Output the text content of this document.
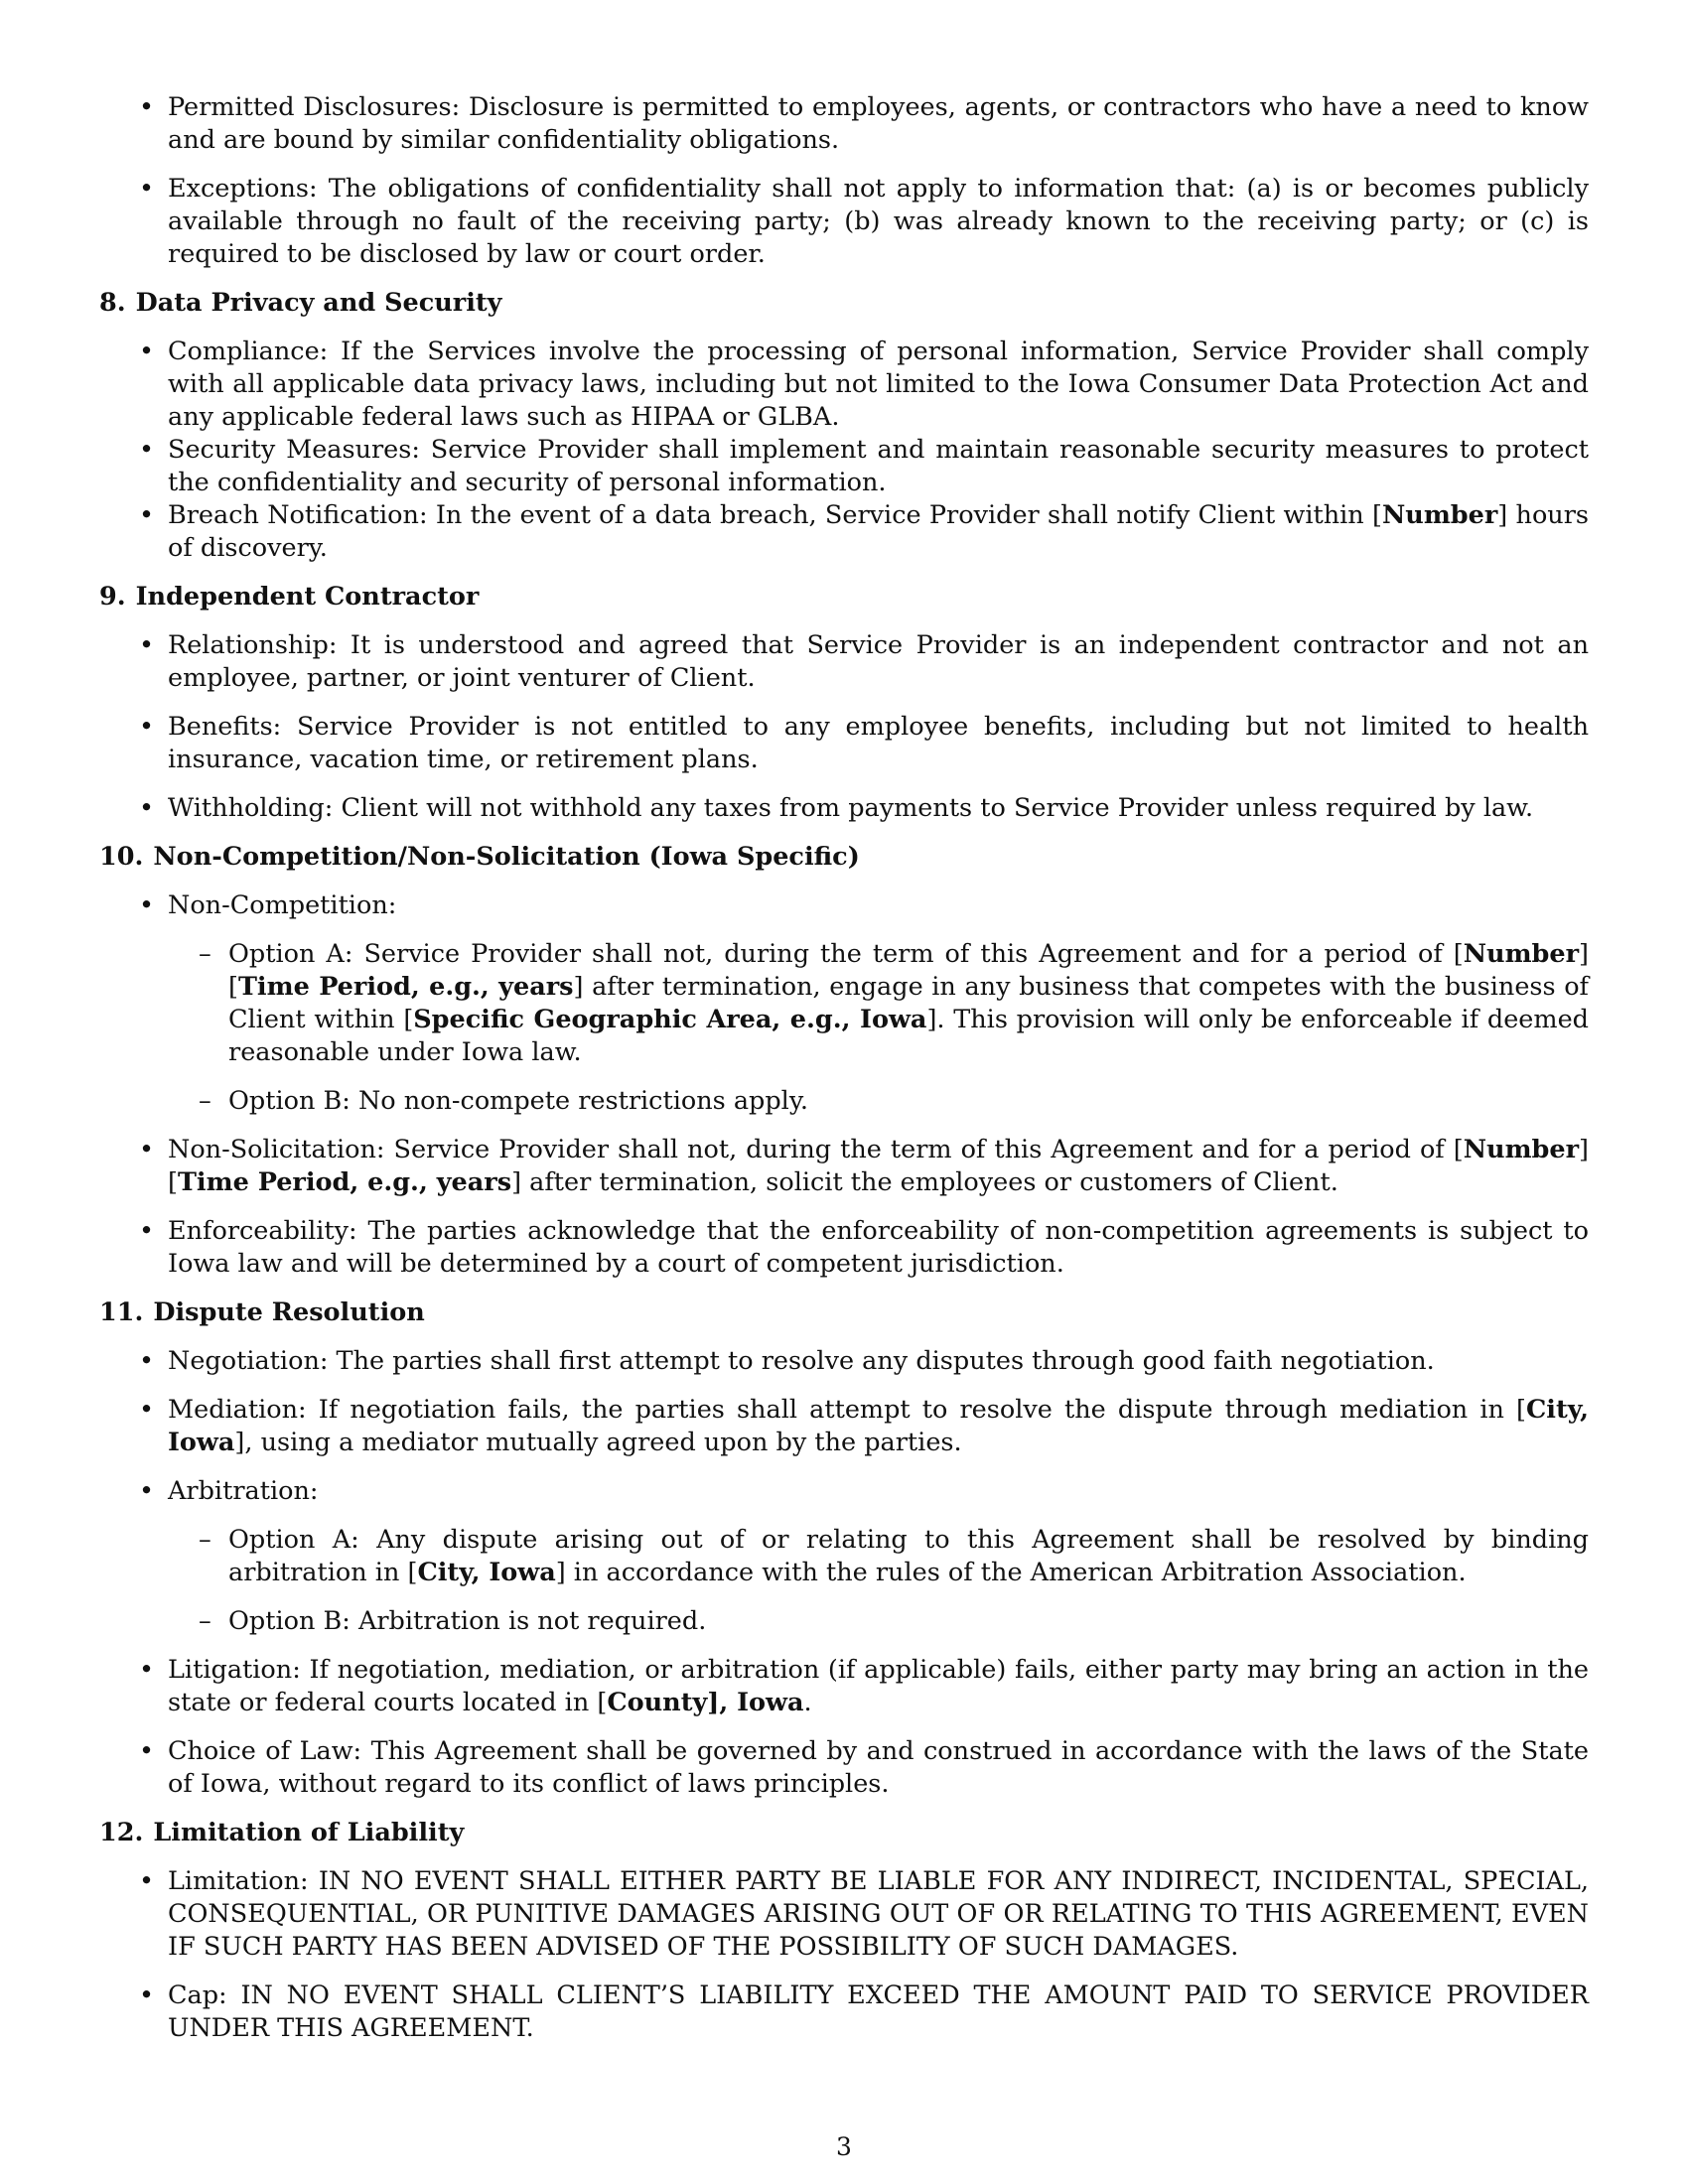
• Permitted Disclosures: Disclosure is permitted to employees, agents, or contractors who have a need to know and are bound by similar confidentiality obligations.
• Exceptions: The obligations of confidentiality shall not apply to information that: (a) is or becomes publicly available through no fault of the receiving party; (b) was already known to the receiving party; or (c) is required to be disclosed by law or court order.
8. Data Privacy and Security
• Compliance: If the Services involve the processing of personal information, Service Provider shall comply with all applicable data privacy laws, including but not limited to the Iowa Consumer Data Protection Act and any applicable federal laws such as HIPAA or GLBA.
• Security Measures: Service Provider shall implement and maintain reasonable security measures to protect the confidentiality and security of personal information.
• Breach Notification: In the event of a data breach, Service Provider shall notify Client within [Number] hours of discovery.
9. Independent Contractor
• Relationship: It is understood and agreed that Service Provider is an independent contractor and not an employee, partner, or joint venturer of Client.
• Benefits: Service Provider is not entitled to any employee benefits, including but not limited to health insurance, vacation time, or retirement plans.
• Withholding: Client will not withhold any taxes from payments to Service Provider unless required by law.
10. Non-Competition/Non-Solicitation (Iowa Specific)
• Non-Competition:
– Option A: Service Provider shall not, during the term of this Agreement and for a period of [Number] [Time Period, e.g., years] after termination, engage in any business that competes with the business of Client within [Specific Geographic Area, e.g., Iowa]. This provision will only be enforceable if deemed reasonable under Iowa law.
– Option B: No non-compete restrictions apply.
• Non-Solicitation: Service Provider shall not, during the term of this Agreement and for a period of [Number] [Time Period, e.g., years] after termination, solicit the employees or customers of Client.
• Enforceability: The parties acknowledge that the enforceability of non-competition agreements is subject to Iowa law and will be determined by a court of competent jurisdiction.
11. Dispute Resolution
• Negotiation: The parties shall first attempt to resolve any disputes through good faith negotiation.
• Mediation: If negotiation fails, the parties shall attempt to resolve the dispute through mediation in [City, Iowa], using a mediator mutually agreed upon by the parties.
• Arbitration:
– Option A: Any dispute arising out of or relating to this Agreement shall be resolved by binding arbitration in [City, Iowa] in accordance with the rules of the American Arbitration Association.
– Option B: Arbitration is not required.
• Litigation: If negotiation, mediation, or arbitration (if applicable) fails, either party may bring an action in the state or federal courts located in [County], Iowa.
• Choice of Law: This Agreement shall be governed by and construed in accordance with the laws of the State of Iowa, without regard to its conflict of laws principles.
12. Limitation of Liability
• Limitation: IN NO EVENT SHALL EITHER PARTY BE LIABLE FOR ANY INDIRECT, INCIDENTAL, SPECIAL, CONSEQUENTIAL, OR PUNITIVE DAMAGES ARISING OUT OF OR RELATING TO THIS AGREEMENT, EVEN IF SUCH PARTY HAS BEEN ADVISED OF THE POSSIBILITY OF SUCH DAMAGES.
• Cap: IN NO EVENT SHALL CLIENT’S LIABILITY EXCEED THE AMOUNT PAID TO SERVICE PROVIDER UNDER THIS AGREEMENT.
3
